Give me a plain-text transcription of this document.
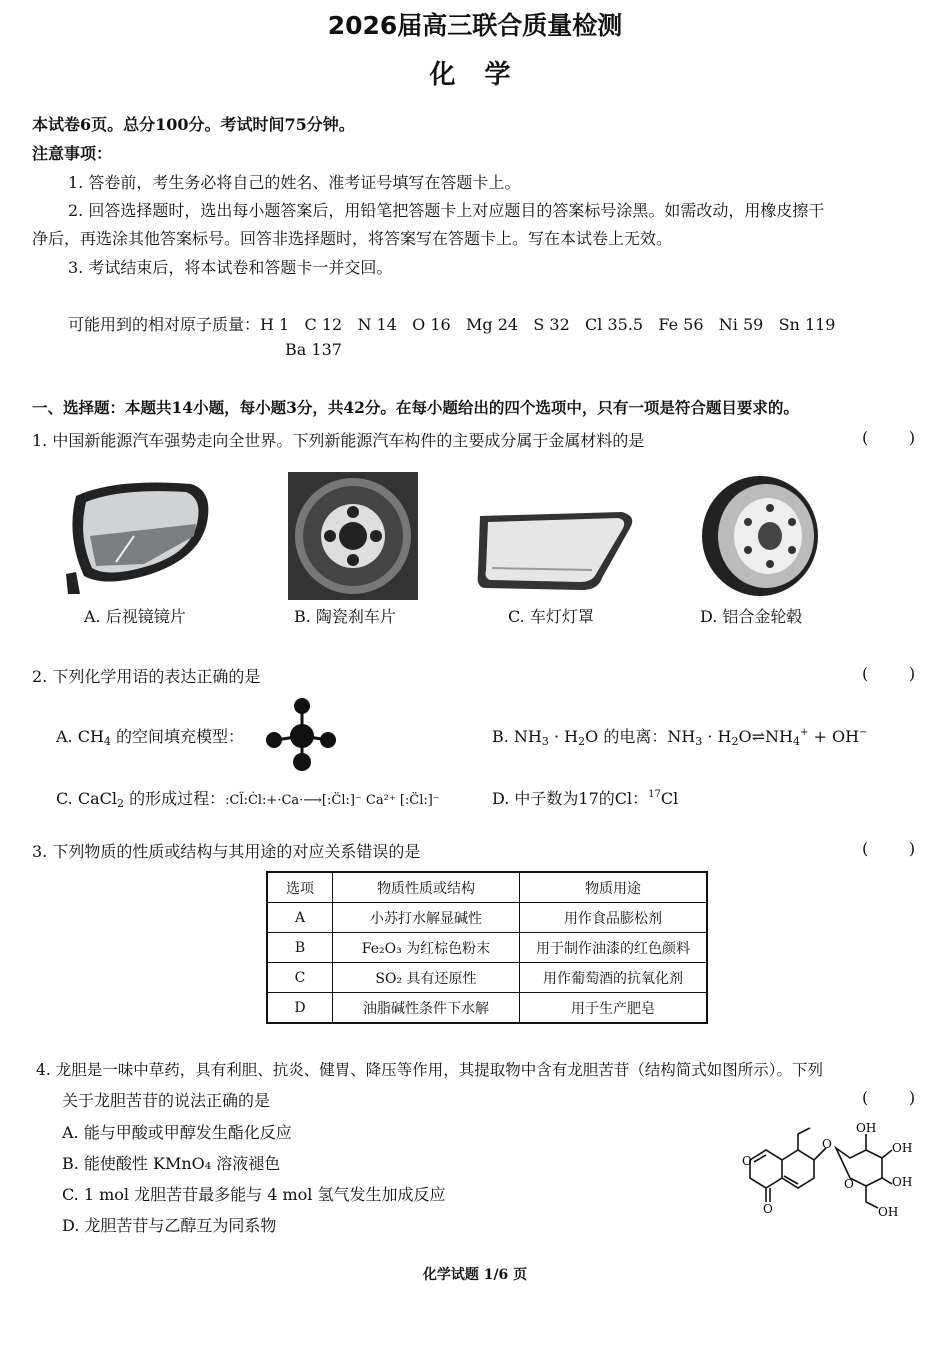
2026届高三联合质量检测
化 学
本试卷6页。总分100分。考试时间75分钟。
注意事项：
1. 答卷前，考生务必将自己的姓名、准考证号填写在答题卡上。
2. 回答选择题时，选出每小题答案后，用铅笔把答题卡上对应题目的答案标号涂黑。如需改动，用橡皮擦干
净后，再选涂其他答案标号。回答非选择题时，将答案写在答题卡上。写在本试卷上无效。
3. 考试结束后，将本试卷和答题卡一并交回。
可能用到的相对原子质量：H 1 C 12 N 14 O 16 Mg 24 S 32 Cl 35.5 Fe 56 Ni 59 Sn 119
Ba 137
一、选择题：本题共14小题，每小题3分，共42分。在每小题给出的四个选项中，只有一项是符合题目要求的。
1. 中国新能源汽车强势走向全世界。下列新能源汽车构件的主要成分属于金属材料的是	(        )
A. 后视镜镜片	B. 陶瓷刹车片	C. 车灯灯罩	D. 铝合金轮毂
2. 下列化学用语的表达正确的是	(        )
A. $CH_4$ 的空间填充模型：	B. $NH_3 \cdot H_2O$ 的电离：$NH_3$ · $H_2O\rightleftharpoons NH_4^+ + OH^-$
C. CaCl$_2$ 的形成过程：:Cl̈:Ċl:+·Ca·⟶[:C̈l:]⁻ Ca²⁺ [:C̈l:]⁻	D. 中子数为17的Cl：$^{17}$Cl
3. 下列物质的性质或结构与其用途的对应关系错误的是	(        )
选项	物质性质或结构	物质用途
A	小苏打水解显碱性	用作食品膨松剂
B	Fe₂O₃ 为红棕色粉末	用于制作油漆的红色颜料
C	SO₂ 具有还原性	用作葡萄酒的抗氧化剂
D	油脂碱性条件下水解	用于生产肥皂
4. 龙胆是一味中草药，具有利胆、抗炎、健胃、降压等作用，其提取物中含有龙胆苦苷（结构简式如图所示）。下列
关于龙胆苦苷的说法正确的是	(        )
A. 能与甲酸或甲醇发生酯化反应
B. 能使酸性 KMnO₄ 溶液褪色
C. 1 mol 龙胆苦苷最多能与 4 mol 氢气发生加成反应
D. 龙胆苦苷与乙醇互为同系物
O
O
O
O
OH
OH
OH
OH
化学试题 1/6 页
